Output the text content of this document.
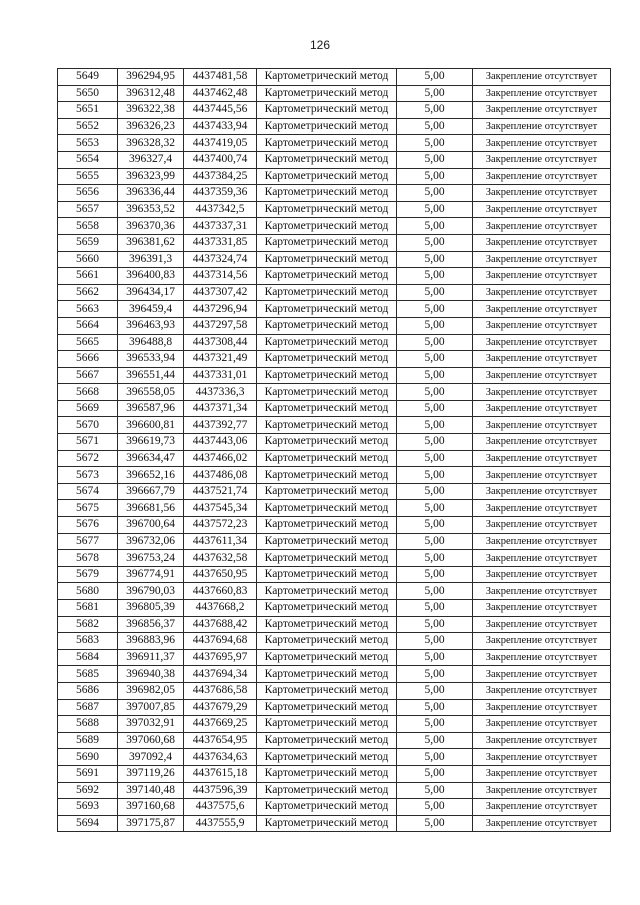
126
5649	396294,95	4437481,58	Картометрический метод	5,00	Закрепление отсутствует
5650	396312,48	4437462,48	Картометрический метод	5,00	Закрепление отсутствует
5651	396322,38	4437445,56	Картометрический метод	5,00	Закрепление отсутствует
5652	396326,23	4437433,94	Картометрический метод	5,00	Закрепление отсутствует
5653	396328,32	4437419,05	Картометрический метод	5,00	Закрепление отсутствует
5654	396327,4	4437400,74	Картометрический метод	5,00	Закрепление отсутствует
5655	396323,99	4437384,25	Картометрический метод	5,00	Закрепление отсутствует
5656	396336,44	4437359,36	Картометрический метод	5,00	Закрепление отсутствует
5657	396353,52	4437342,5	Картометрический метод	5,00	Закрепление отсутствует
5658	396370,36	4437337,31	Картометрический метод	5,00	Закрепление отсутствует
5659	396381,62	4437331,85	Картометрический метод	5,00	Закрепление отсутствует
5660	396391,3	4437324,74	Картометрический метод	5,00	Закрепление отсутствует
5661	396400,83	4437314,56	Картометрический метод	5,00	Закрепление отсутствует
5662	396434,17	4437307,42	Картометрический метод	5,00	Закрепление отсутствует
5663	396459,4	4437296,94	Картометрический метод	5,00	Закрепление отсутствует
5664	396463,93	4437297,58	Картометрический метод	5,00	Закрепление отсутствует
5665	396488,8	4437308,44	Картометрический метод	5,00	Закрепление отсутствует
5666	396533,94	4437321,49	Картометрический метод	5,00	Закрепление отсутствует
5667	396551,44	4437331,01	Картометрический метод	5,00	Закрепление отсутствует
5668	396558,05	4437336,3	Картометрический метод	5,00	Закрепление отсутствует
5669	396587,96	4437371,34	Картометрический метод	5,00	Закрепление отсутствует
5670	396600,81	4437392,77	Картометрический метод	5,00	Закрепление отсутствует
5671	396619,73	4437443,06	Картометрический метод	5,00	Закрепление отсутствует
5672	396634,47	4437466,02	Картометрический метод	5,00	Закрепление отсутствует
5673	396652,16	4437486,08	Картометрический метод	5,00	Закрепление отсутствует
5674	396667,79	4437521,74	Картометрический метод	5,00	Закрепление отсутствует
5675	396681,56	4437545,34	Картометрический метод	5,00	Закрепление отсутствует
5676	396700,64	4437572,23	Картометрический метод	5,00	Закрепление отсутствует
5677	396732,06	4437611,34	Картометрический метод	5,00	Закрепление отсутствует
5678	396753,24	4437632,58	Картометрический метод	5,00	Закрепление отсутствует
5679	396774,91	4437650,95	Картометрический метод	5,00	Закрепление отсутствует
5680	396790,03	4437660,83	Картометрический метод	5,00	Закрепление отсутствует
5681	396805,39	4437668,2	Картометрический метод	5,00	Закрепление отсутствует
5682	396856,37	4437688,42	Картометрический метод	5,00	Закрепление отсутствует
5683	396883,96	4437694,68	Картометрический метод	5,00	Закрепление отсутствует
5684	396911,37	4437695,97	Картометрический метод	5,00	Закрепление отсутствует
5685	396940,38	4437694,34	Картометрический метод	5,00	Закрепление отсутствует
5686	396982,05	4437686,58	Картометрический метод	5,00	Закрепление отсутствует
5687	397007,85	4437679,29	Картометрический метод	5,00	Закрепление отсутствует
5688	397032,91	4437669,25	Картометрический метод	5,00	Закрепление отсутствует
5689	397060,68	4437654,95	Картометрический метод	5,00	Закрепление отсутствует
5690	397092,4	4437634,63	Картометрический метод	5,00	Закрепление отсутствует
5691	397119,26	4437615,18	Картометрический метод	5,00	Закрепление отсутствует
5692	397140,48	4437596,39	Картометрический метод	5,00	Закрепление отсутствует
5693	397160,68	4437575,6	Картометрический метод	5,00	Закрепление отсутствует
5694	397175,87	4437555,9	Картометрический метод	5,00	Закрепление отсутствует
